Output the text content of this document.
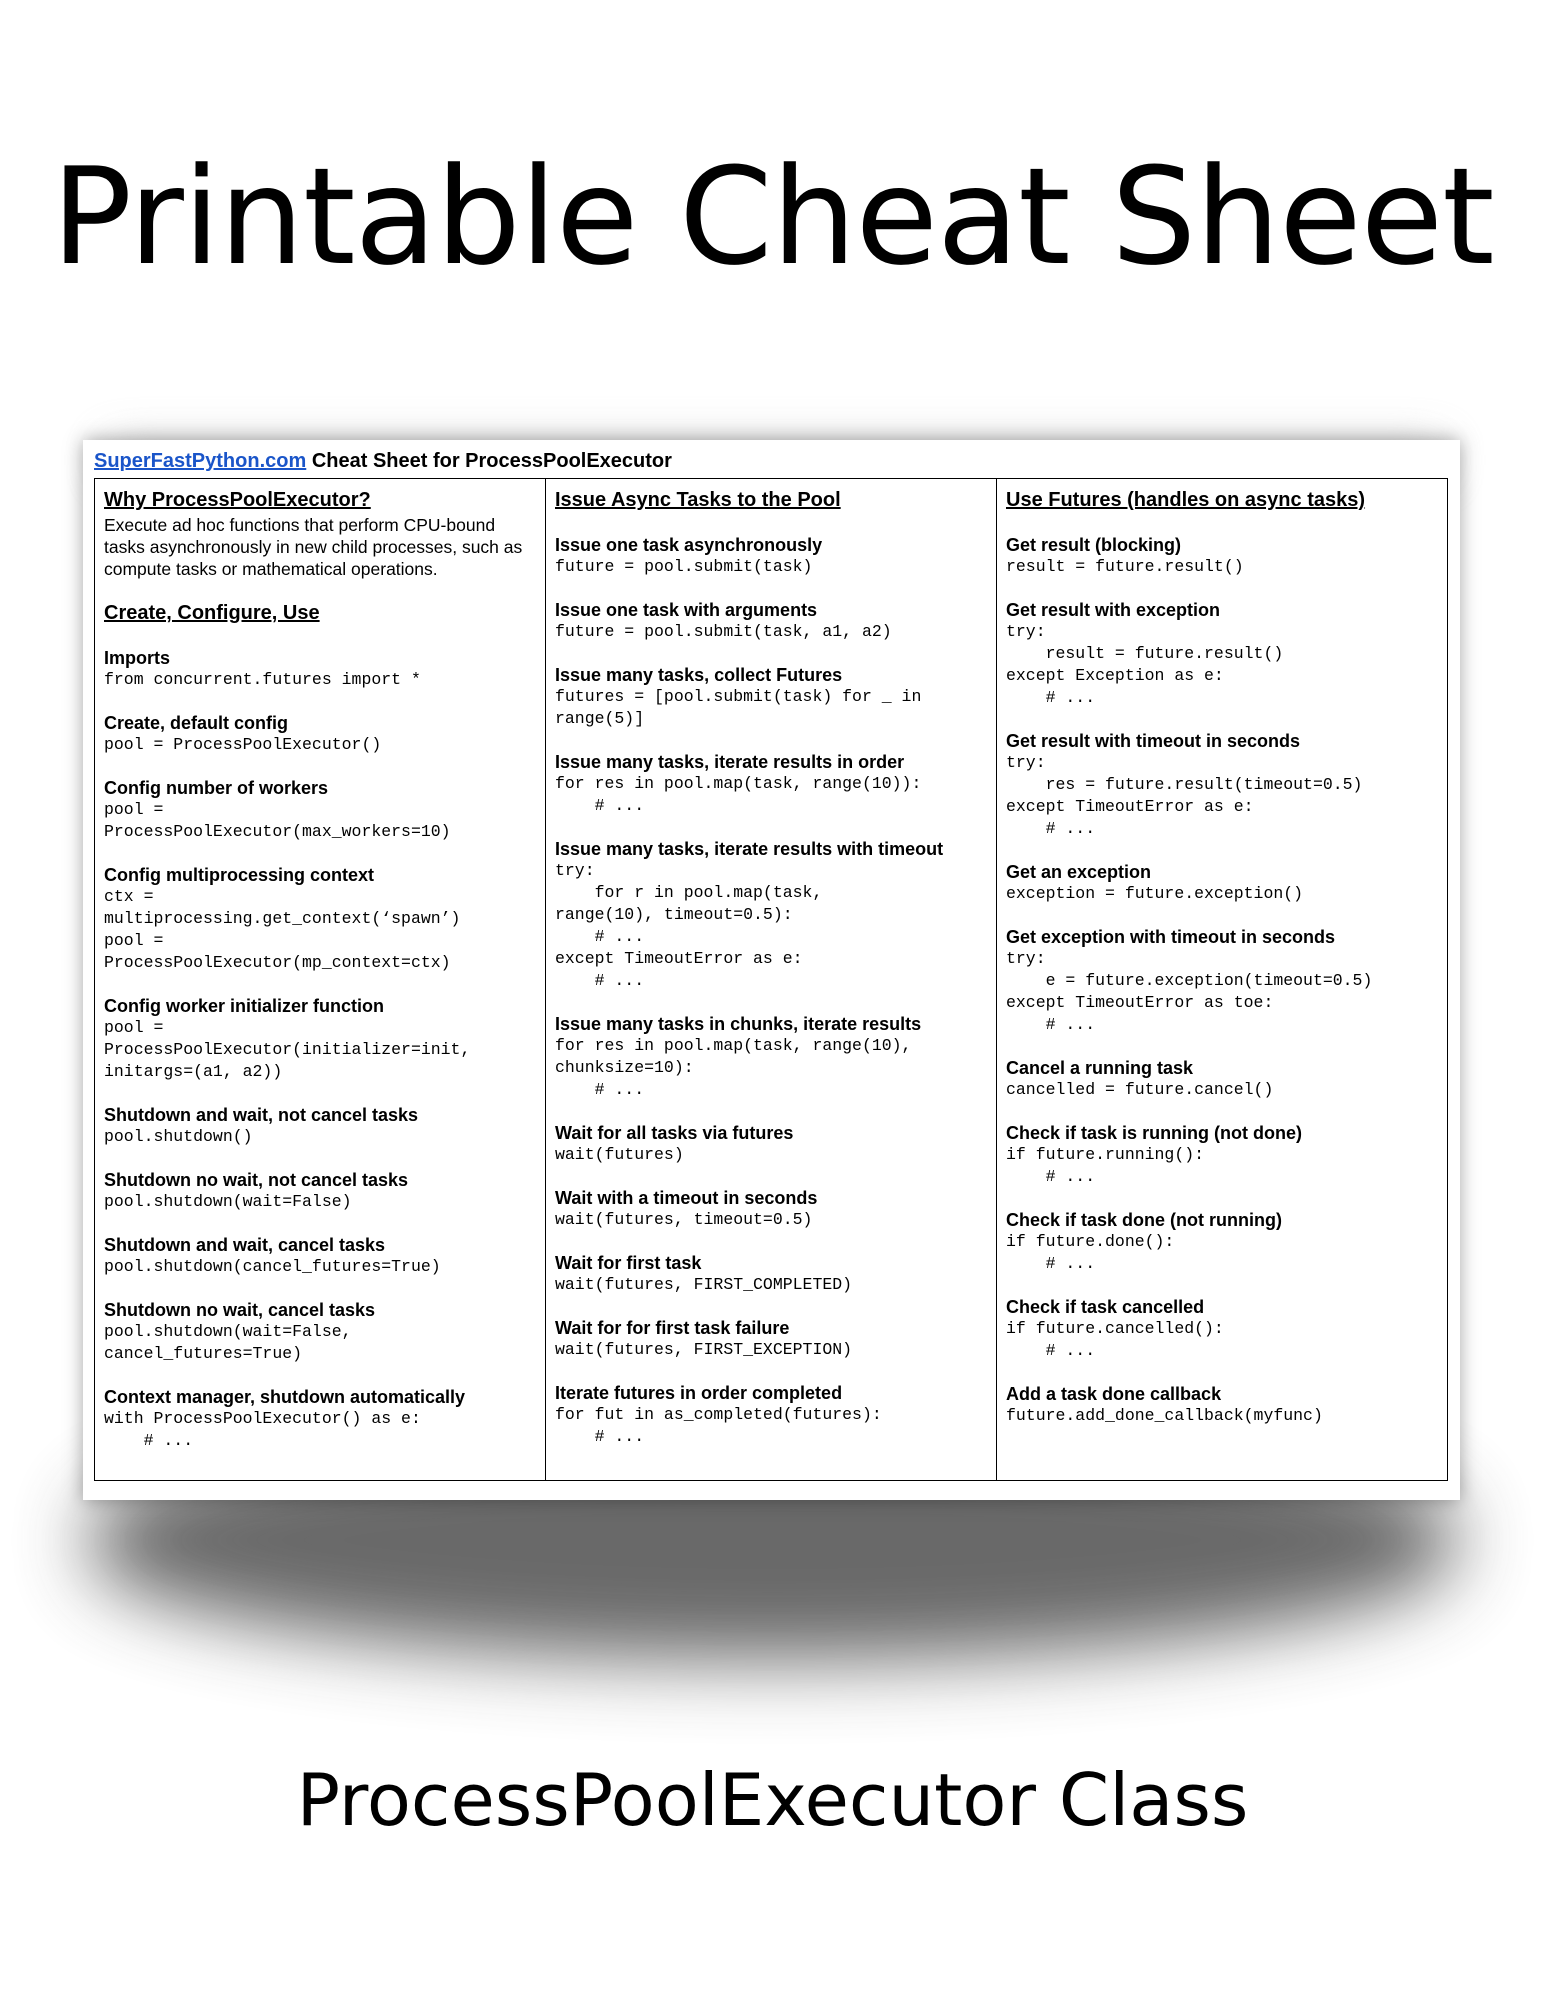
Printable Cheat Sheet
SuperFastPython.com Cheat Sheet for ProcessPoolExecutor
Why ProcessPoolExecutor?
Execute ad hoc functions that perform CPU-bound tasks asynchronously in new child processes, such as compute tasks or mathematical operations.
Create, Configure, Use
Imports
from concurrent.futures import *
Create, default config
pool = ProcessPoolExecutor()
Config number of workers
pool =
ProcessPoolExecutor(max_workers=10)
Config multiprocessing context
ctx =
multiprocessing.get_context(‘spawn’)
pool =
ProcessPoolExecutor(mp_context=ctx)
Config worker initializer function
pool =
ProcessPoolExecutor(initializer=init,
initargs=(a1, a2))
Shutdown and wait, not cancel tasks
pool.shutdown()
Shutdown no wait, not cancel tasks
pool.shutdown(wait=False)
Shutdown and wait, cancel tasks
pool.shutdown(cancel_futures=True)
Shutdown no wait, cancel tasks
pool.shutdown(wait=False,
cancel_futures=True)
Context manager, shutdown automatically
with ProcessPoolExecutor() as e:
# ...
Issue Async Tasks to the Pool
Issue one task asynchronously
future = pool.submit(task)
Issue one task with arguments
future = pool.submit(task, a1, a2)
Issue many tasks, collect Futures
futures = [pool.submit(task) for _ in
range(5)]
Issue many tasks, iterate results in order
for res in pool.map(task, range(10)):
# ...
Issue many tasks, iterate results with timeout
try:
for r in pool.map(task,
range(10), timeout=0.5):
# ...
except TimeoutError as e:
# ...
Issue many tasks in chunks, iterate results
for res in pool.map(task, range(10),
chunksize=10):
# ...
Wait for all tasks via futures
wait(futures)
Wait with a timeout in seconds
wait(futures, timeout=0.5)
Wait for first task
wait(futures, FIRST_COMPLETED)
Wait for for first task failure
wait(futures, FIRST_EXCEPTION)
Iterate futures in order completed
for fut in as_completed(futures):
# ...
Use Futures (handles on async tasks)
Get result (blocking)
result = future.result()
Get result with exception
try:
result = future.result()
except Exception as e:
# ...
Get result with timeout in seconds
try:
res = future.result(timeout=0.5)
except TimeoutError as e:
# ...
Get an exception
exception = future.exception()
Get exception with timeout in seconds
try:
e = future.exception(timeout=0.5)
except TimeoutError as toe:
# ...
Cancel a running task
cancelled = future.cancel()
Check if task is running (not done)
if future.running():
# ...
Check if task done (not running)
if future.done():
# ...
Check if task cancelled
if future.cancelled():
# ...
Add a task done callback
future.add_done_callback(myfunc)
ProcessPoolExecutor Class
